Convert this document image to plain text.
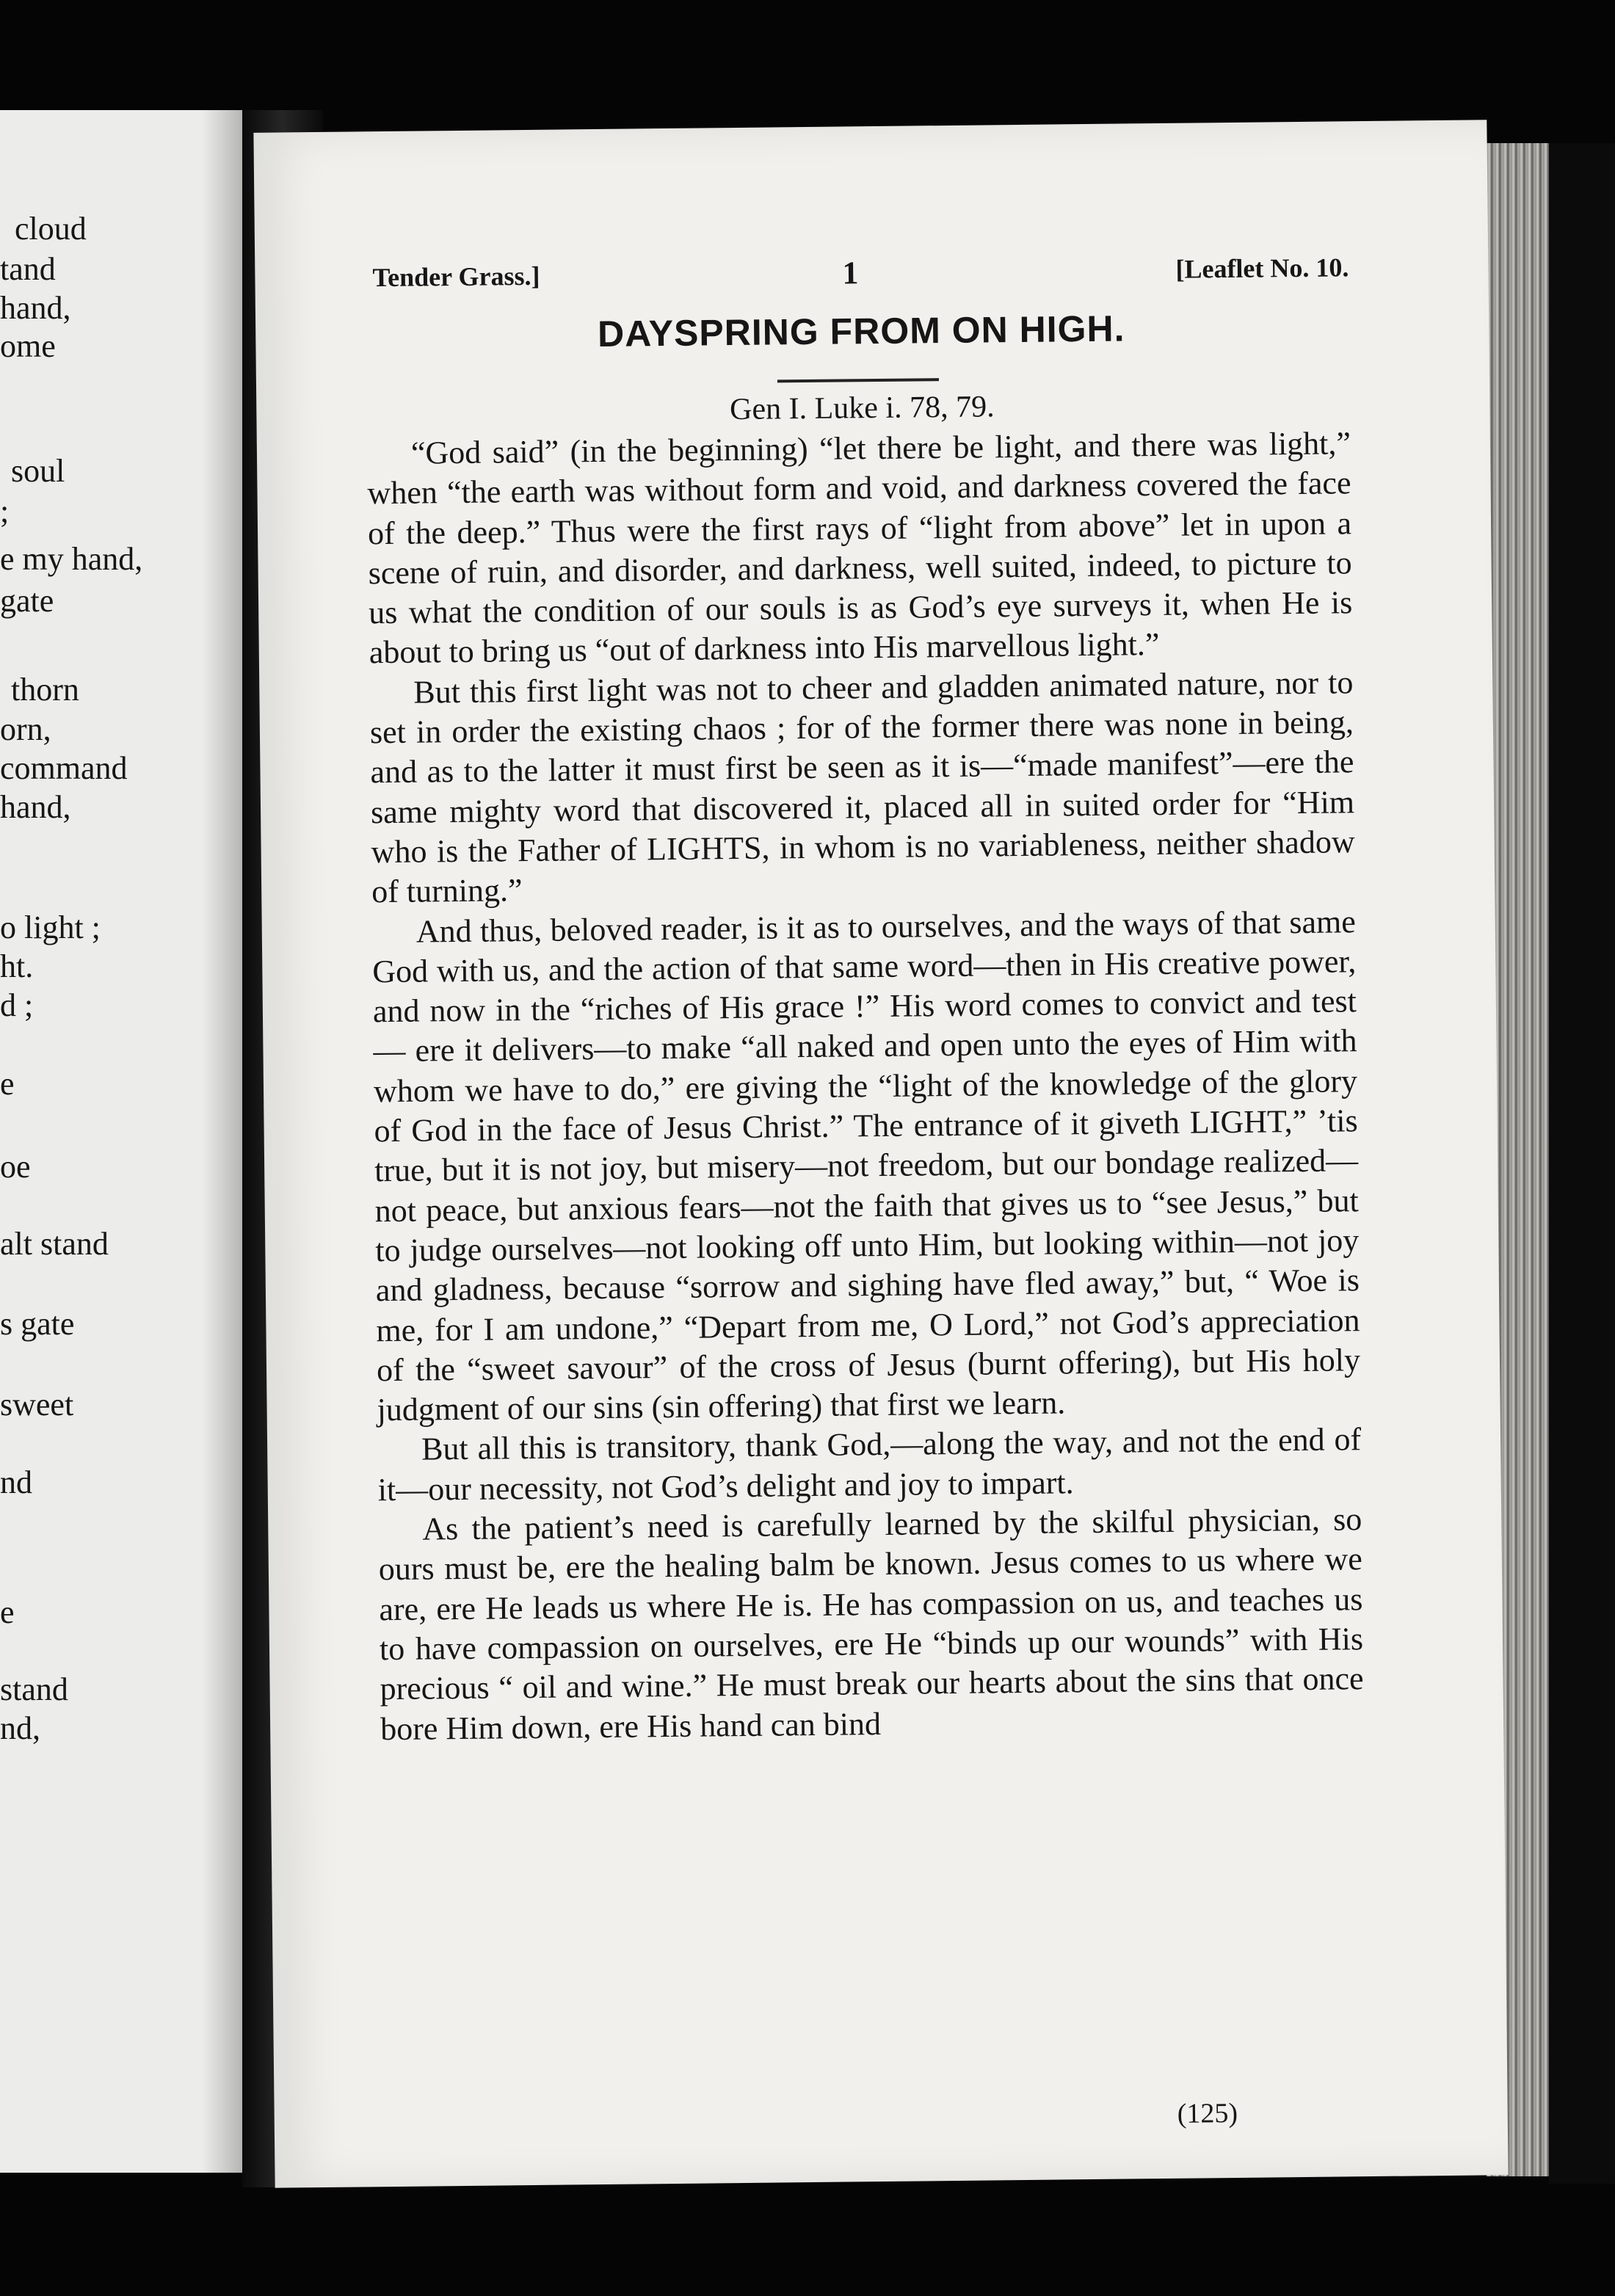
cloud
tand
hand,
ome
soul
;
e my hand,
gate
thorn
orn,
command
hand,
o light ;
ht.
d ;
e
oe
alt stand
s gate
sweet
nd
e
stand
nd,
Tender Grass.]	1	[Leaflet No. 10.
DAYSPRING FROM ON HIGH.
Gen I. Luke i. 78, 79.

“God said” (in the beginning) “let there be light, and there was light,” when “the earth was without form and void, and darkness covered the face of the deep.” Thus were the first rays of “light from above” let in upon a scene of ruin, and disorder, and darkness, well suited, indeed, to picture to us what the condition of our souls is as God’s eye surveys it, when He is about to bring us “out of darkness into His marvellous light.”

But this first light was not to cheer and gladden animated nature, nor to set in order the existing chaos ; for of the former there was none in being, and as to the latter it must first be seen as it is—“made manifest”—ere the same mighty word that discovered it, placed all in suited order for “Him who is the Father of LIGHTS, in whom is no variableness, neither shadow of turning.”

And thus, beloved reader, is it as to ourselves, and the ways of that same God with us, and the action of that same word—then in His creative power, and now in the “riches of His grace !” His word comes to convict and test— ere it delivers—to make “all naked and open unto the eyes of Him with whom we have to do,” ere giving the “light of the knowledge of the glory of God in the face of Jesus Christ.” The entrance of it giveth LIGHT,” ’tis true, but it is not joy, but misery—not freedom, but our bondage realized—not peace, but anxious fears—not the faith that gives us to “see Jesus,” but to judge ourselves—not looking off unto Him, but looking within—not joy and gladness, because “sorrow and sighing have fled away,” but, “ Woe is me, for I am undone,” “Depart from me, O Lord,” not God’s appreciation of the “sweet savour” of the cross of Jesus (burnt offering), but His holy judgment of our sins (sin offering) that first we learn.

But all this is transitory, thank God,—along the way, and not the end of it—our necessity, not God’s delight and joy to impart.

As the patient’s need is carefully learned by the skilful physician, so ours must be, ere the healing balm be known. Jesus comes to us where we are, ere He leads us where He is. He has compassion on us, and teaches us to have compassion on ourselves, ere He “binds up our wounds” with His precious “ oil and wine.” He must break our hearts about the sins that once bore Him down, ere His hand can bind

(125)
